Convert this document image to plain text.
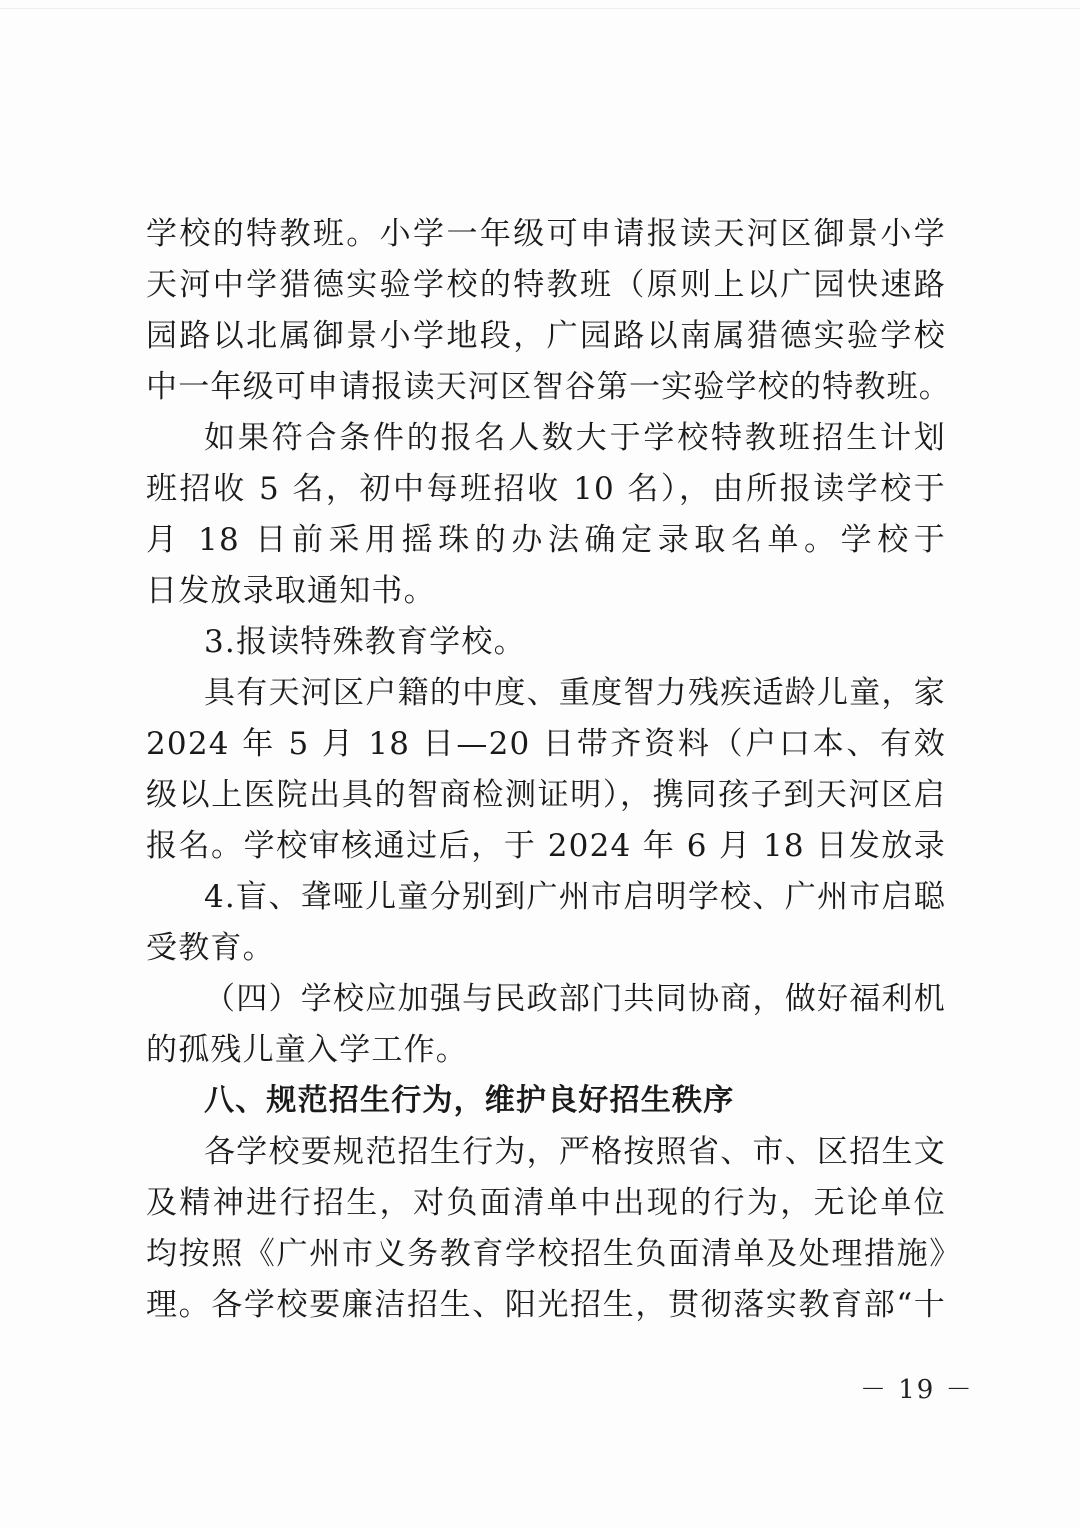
学校的特教班。小学一年级可申请报读天河区御景小学
天河中学猎德实验学校的特教班（原则上以广园快速路
园路以北属御景小学地段，广园路以南属猎德实验学校
中一年级可申请报读天河区智谷第一实验学校的特教班。
如果符合条件的报名人数大于学校特教班招生计划
班招收 5 名，初中每班招收 10 名），由所报读学校于
月 18 日前采用摇珠的办法确定录取名单。学校于
日发放录取通知书。
3.报读特殊教育学校。
具有天河区户籍的中度、重度智力残疾适龄儿童，家
2024 年 5 月 18 日—20 日带齐资料（户口本、有效
级以上医院出具的智商检测证明），携同孩子到天河区启
报名。学校审核通过后，于 2024 年 6 月 18 日发放录
4.盲、聋哑儿童分别到广州市启明学校、广州市启聪
受教育。
（四）学校应加强与民政部门共同协商，做好福利机
的孤残儿童入学工作。
八、规范招生行为，维护良好招生秩序
各学校要规范招生行为，严格按照省、市、区招生文
及精神进行招生，对负面清单中出现的行为，无论单位
均按照《广州市义务教育学校招生负面清单及处理措施》
理。各学校要廉洁招生、阳光招生，贯彻落实教育部“十
－ 19 －
